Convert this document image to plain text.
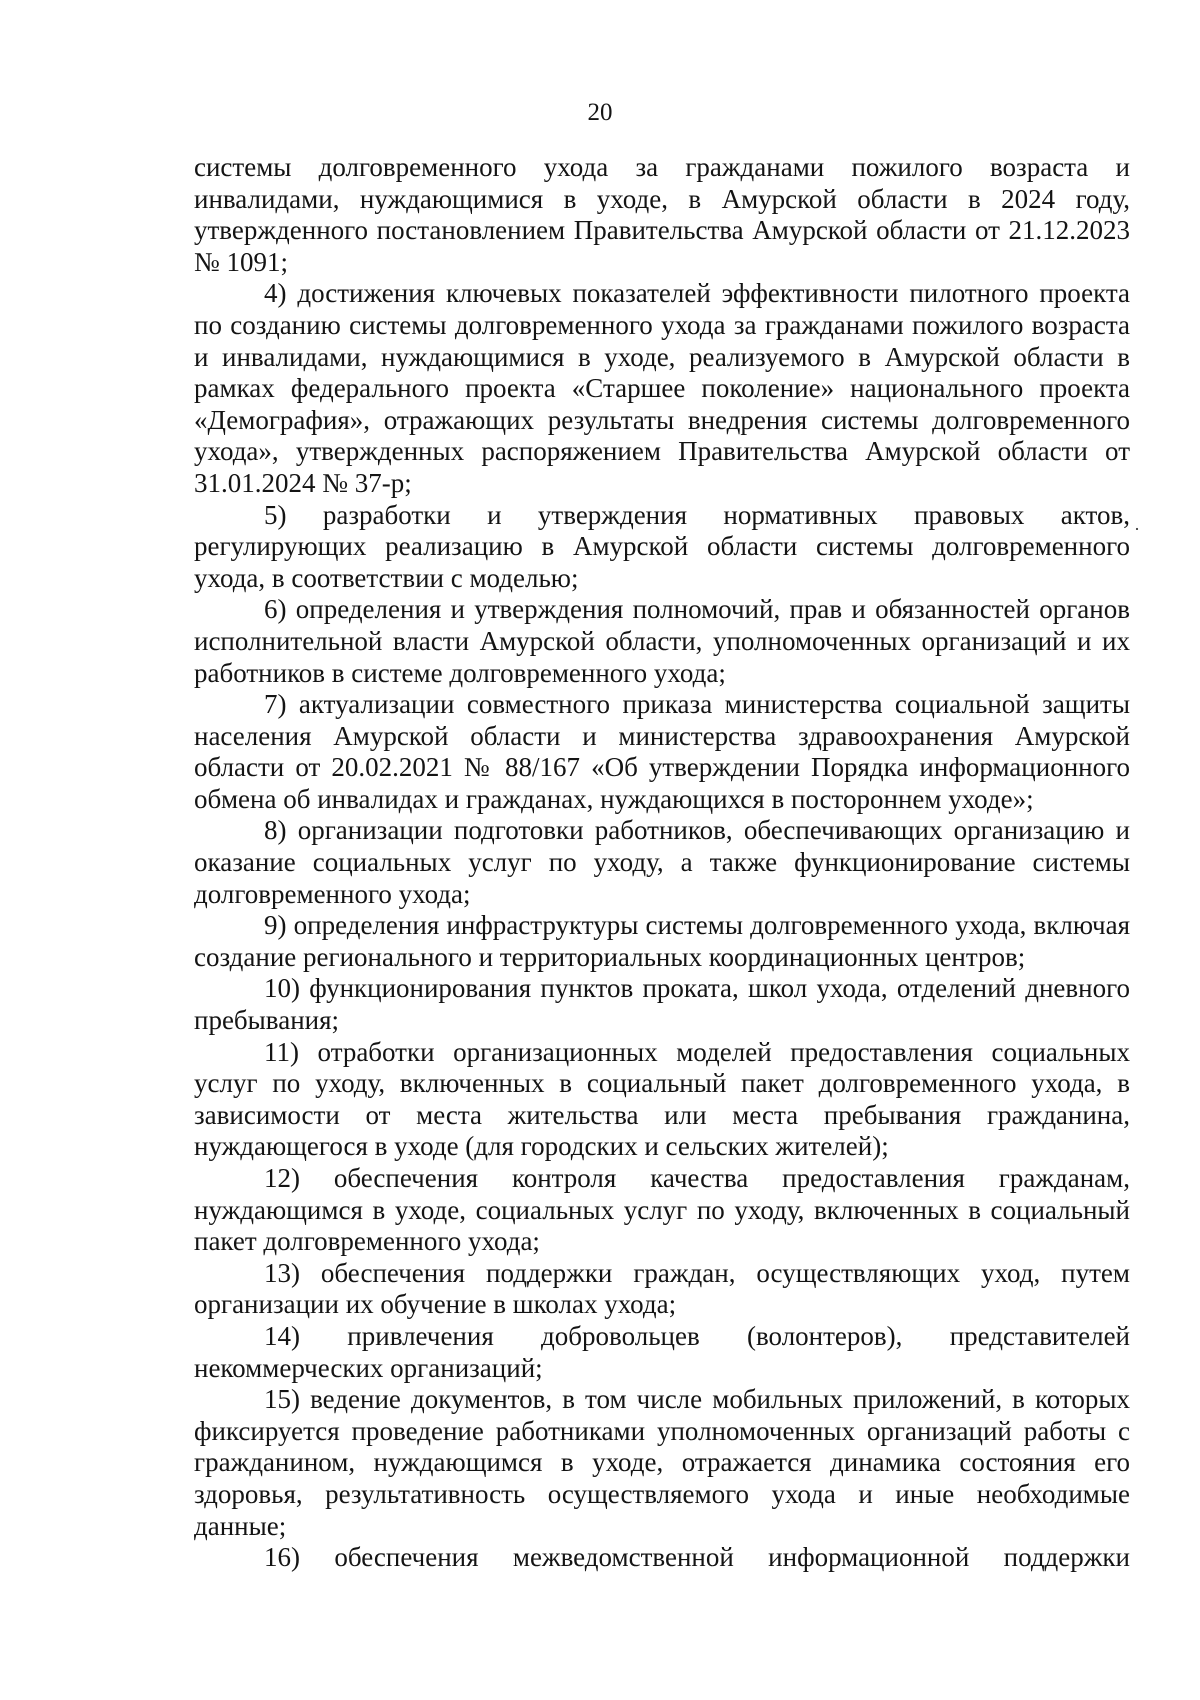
20

системы долговременного ухода за гражданами пожилого возраста и инвалидами, нуждающимися в уходе, в Амурской области в 2024 году, утвержденного постановлением Правительства Амурской области от 21.12.2023 № 1091;

4) достижения ключевых показателей эффективности пилотного проекта по созданию системы долговременного ухода за гражданами пожилого возраста и инвалидами, нуждающимися в уходе, реализуемого в Амурской области в рамках федерального проекта «Старшее поколение» национального проекта «Демография», отражающих результаты внедрения системы долговременного ухода», утвержденных распоряжением Правительства Амурской области от 31.01.2024 № 37-р;

5) разработки и утверждения нормативных правовых актов, регулирующих реализацию в Амурской области системы долговременного ухода, в соответствии с моделью;

6) определения и утверждения полномочий, прав и обязанностей органов исполнительной власти Амурской области, уполномоченных организаций и их работников в системе долговременного ухода;

7) актуализации совместного приказа министерства социальной защиты населения Амурской области и министерства здравоохранения Амурской области от 20.02.2021 № 88/167 «Об утверждении Порядка информационного обмена об инвалидах и гражданах, нуждающихся в постороннем уходе»;

8) организации подготовки работников, обеспечивающих организацию и оказание социальных услуг по уходу, а также функционирование системы долговременного ухода;

9) определения инфраструктуры системы долговременного ухода, включая создание регионального и территориальных координационных центров;

10) функционирования пунктов проката, школ ухода, отделений дневного пребывания;

11) отработки организационных моделей предоставления социальных услуг по уходу, включенных в социальный пакет долговременного ухода, в зависимости от места жительства или места пребывания гражданина, нуждающегося в уходе (для городских и сельских жителей);

12) обеспечения контроля качества предоставления гражданам, нуждающимся в уходе, социальных услуг по уходу, включенных в социальный пакет долговременного ухода;

13) обеспечения поддержки граждан, осуществляющих уход, путем организации их обучение в школах ухода;

14) привлечения добровольцев (волонтеров), представителей некоммерческих организаций;

15) ведение документов, в том числе мобильных приложений, в которых фиксируется проведение работниками уполномоченных организаций работы с гражданином, нуждающимся в уходе, отражается динамика состояния его здоровья, результативность осуществляемого ухода и иные необходимые данные;

16) обеспечения межведомственной информационной поддержки

·
